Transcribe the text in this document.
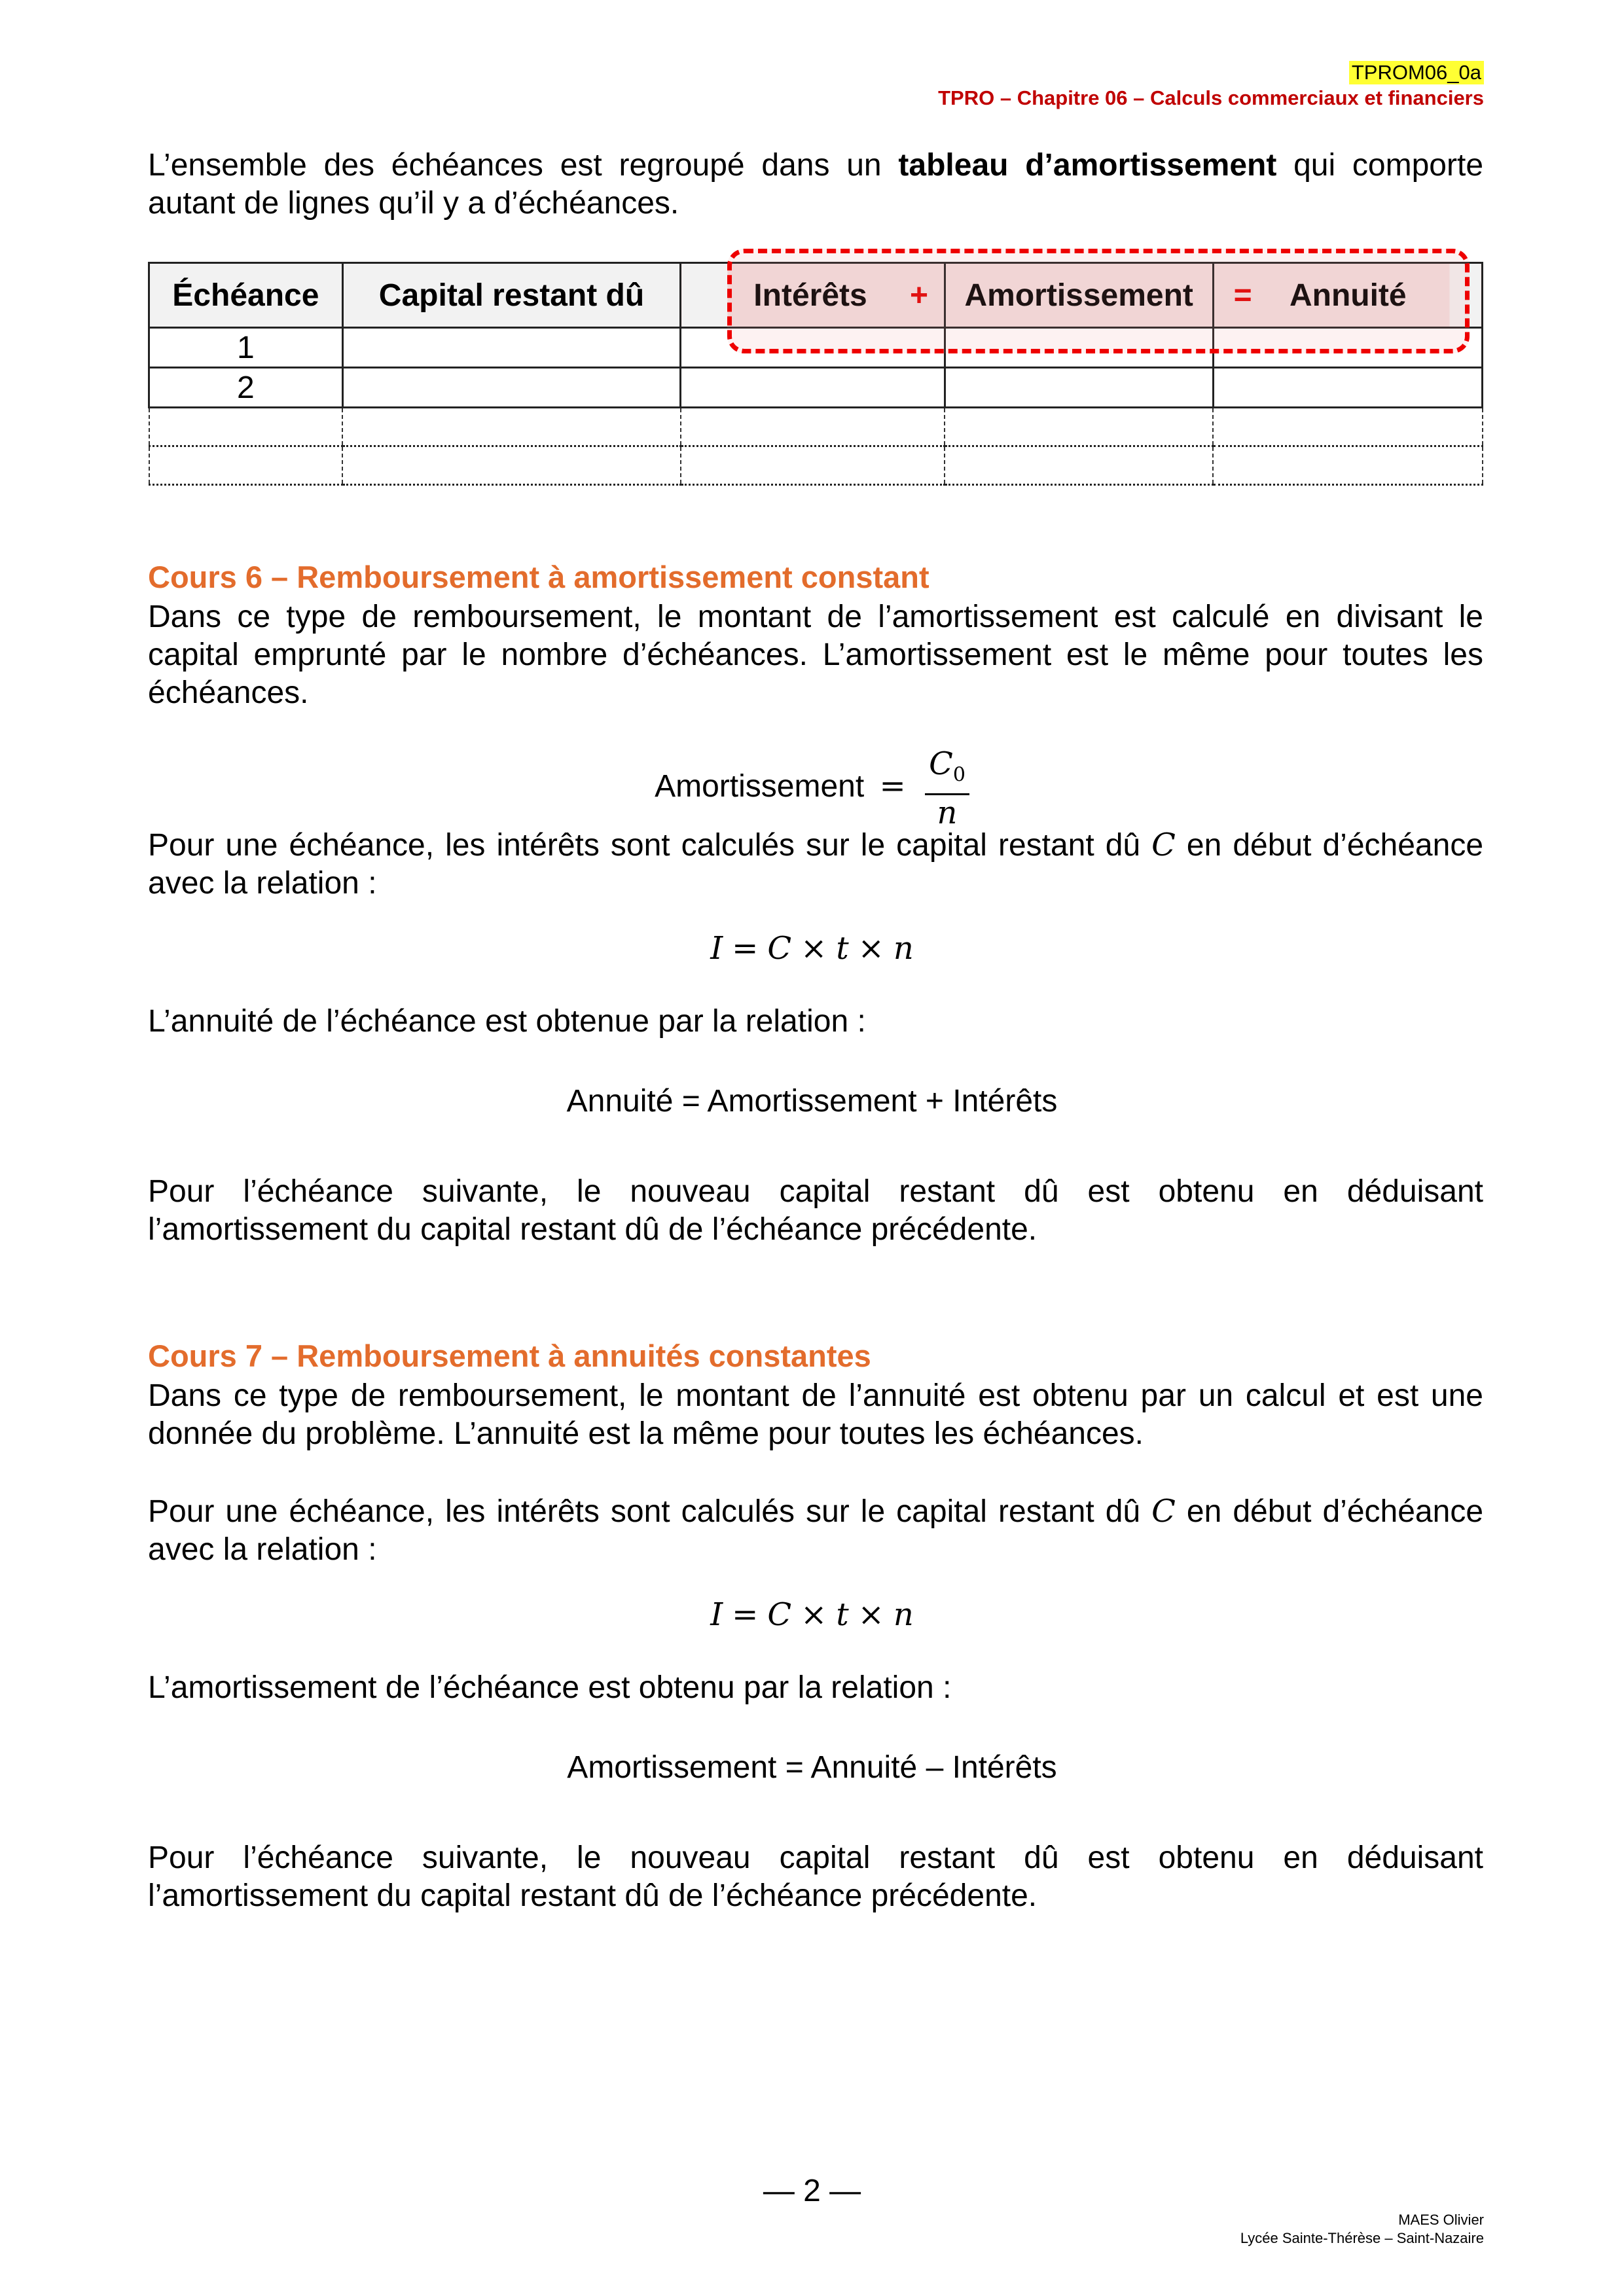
TPROM06_0a
TPRO – Chapitre 06 – Calculs commerciaux et financiers
L’ensemble des échéances est regroupé dans un tableau d’amortissement qui comporte autant de lignes qu’il y a d’échéances.
Échéance	Capital restant dû	Intérêts +	Amortissement	= Annuité
1				
2				

Cours 6 – Remboursement à amortissement constant
Dans ce type de remboursement, le montant de l’amortissement est calculé en divisant le capital emprunté par le nombre d’échéances. L’amortissement est le même pour toutes les échéances.
Amortissement = $\frac{C_0}{n}$
Pour une échéance, les intérêts sont calculés sur le capital restant dû C en début d’échéance avec la relation :
I = C × t × n
L’annuité de l’échéance est obtenue par la relation :
Annuité = Amortissement + Intérêts
Pour l’échéance suivante, le nouveau capital restant dû est obtenu en déduisant l’amortissement du capital restant dû de l’échéance précédente.
Cours 7 – Remboursement à annuités constantes
Dans ce type de remboursement, le montant de l’annuité est obtenu par un calcul et est une donnée du problème. L’annuité est la même pour toutes les échéances.
Pour une échéance, les intérêts sont calculés sur le capital restant dû C en début d’échéance avec la relation :
I = C × t × n
L’amortissement de l’échéance est obtenu par la relation :
Amortissement = Annuité – Intérêts
Pour l’échéance suivante, le nouveau capital restant dû est obtenu en déduisant l’amortissement du capital restant dû de l’échéance précédente.
— 2 —
MAES Olivier
Lycée Sainte-Thérèse – Saint-Nazaire
